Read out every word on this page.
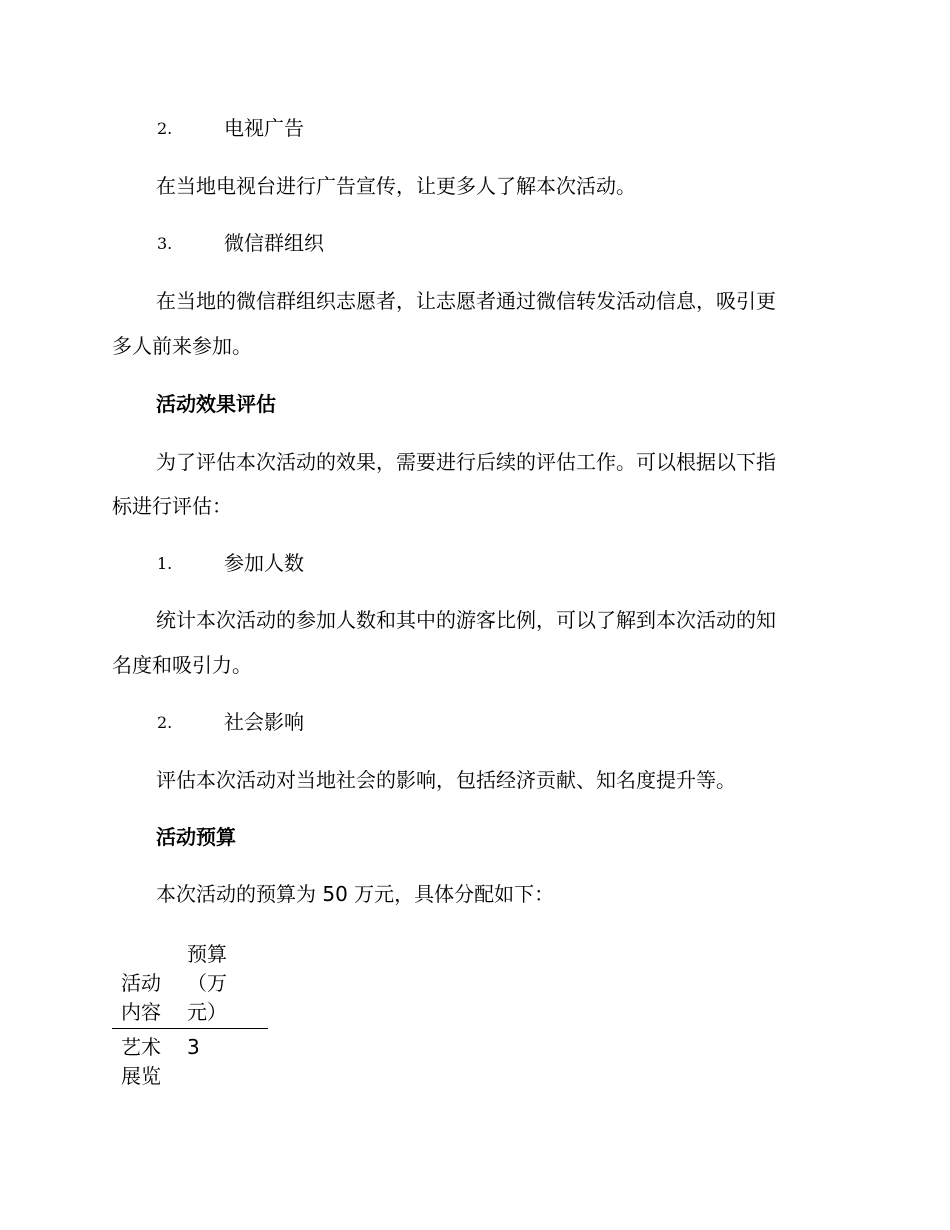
2.	电视广告
在当地电视台进行广告宣传，让更多人了解本次活动。
3.	微信群组织
在当地的微信群组织志愿者，让志愿者通过微信转发活动信息，吸引更
多人前来参加。
活动效果评估
为了评估本次活动的效果，需要进行后续的评估工作。可以根据以下指
标进行评估：
1.	参加人数
统计本次活动的参加人数和其中的游客比例，可以了解到本次活动的知
名度和吸引力。
2.	社会影响
评估本次活动对当地社会的影响，包括经济贡献、知名度提升等。
活动预算
本次活动的预算为 50 万元，具体分配如下：
活动内容	预算（万元）

艺术展览	3
